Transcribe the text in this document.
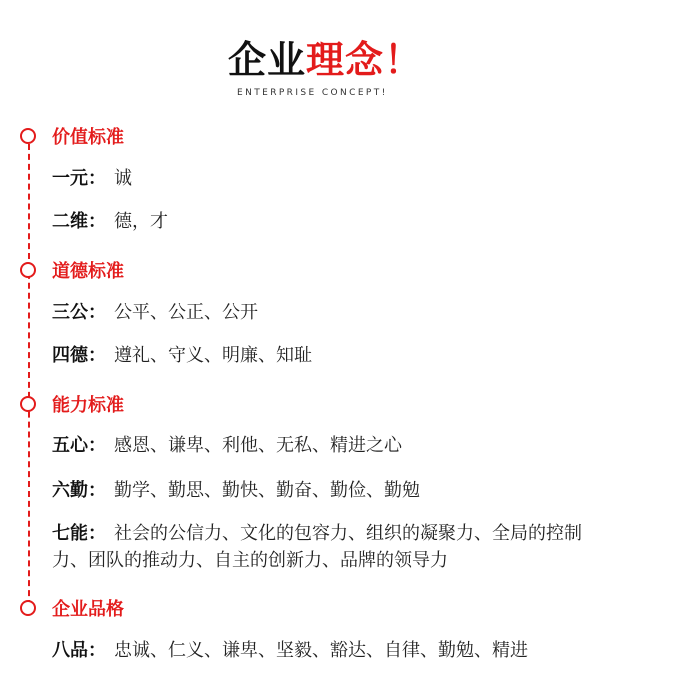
企业理念！
ENTERPRISE CONCEPT!
价值标准
一元： 诚
二维： 德，才
道德标准
三公： 公平、公正、公开
四德： 遵礼、守义、明廉、知耻
能力标准
五心： 感恩、谦卑、利他、无私、精进之心
六勤： 勤学、勤思、勤快、勤奋、勤俭、勤勉
七能： 社会的公信力、文化的包容力、组织的凝聚力、全局的控制力、团队的推动力、自主的创新力、品牌的领导力
企业品格
八品： 忠诚、仁义、谦卑、坚毅、豁达、自律、勤勉、精进
